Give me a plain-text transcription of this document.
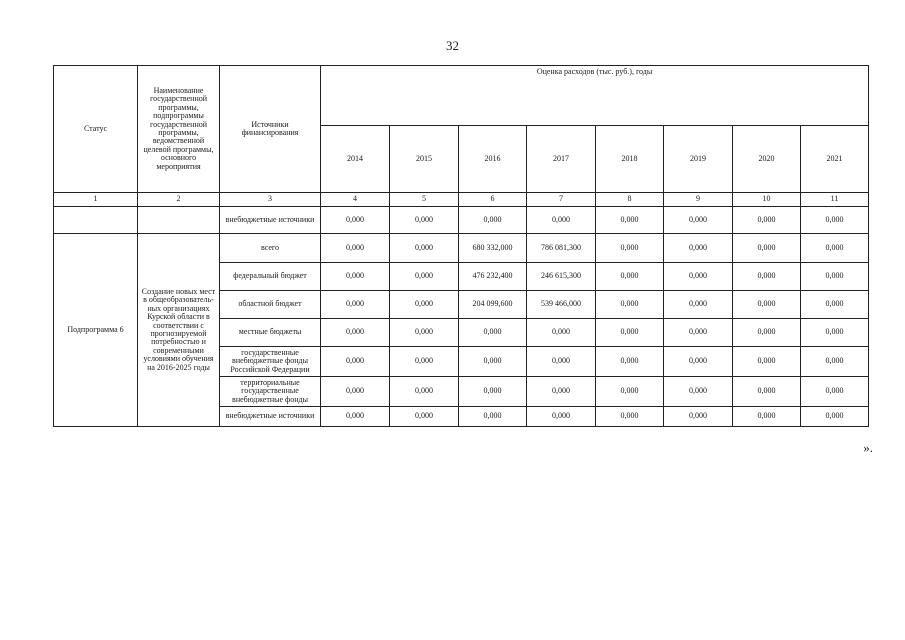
32
Статус	Наименование государственной программы, подпрограммы государственной программы, ведомственной целевой программы, основного мероприятия	Источники финансирования	Оценка расходов (тыс. руб.), годы							
			2014	2015	2016	2017	2018	2019	2020	2021
1	2	3	4	5	6	7	8	9	10	11
		внебюджетные источники	0,000	0,000	0,000	0,000	0,000	0,000	0,000	0,000
Подпрограмма 6	Создание новых мест в общеобразователь-ных организациях Курской области в соответствии с прогнозируемой потребностью и современными условиями обучения на 2016-2025 годы	всего	0,000	0,000	680 332,000	786 081,300	0,000	0,000	0,000	0,000
		федеральный бюджет	0,000	0,000	476 232,400	246 615,300	0,000	0,000	0,000	0,000
		областной бюджет	0,000	0,000	204 099,600	539 466,000	0,000	0,000	0,000	0,000
		местные бюджеты	0,000	0,000	0,000	0,000	0,000	0,000	0,000	0,000
		государственные внебюджетные фонды Российской Федерации	0,000	0,000	0,000	0,000	0,000	0,000	0,000	0,000
		территориальные государственные внебюджетные фонды	0,000	0,000	0,000	0,000	0,000	0,000	0,000	0,000
		внебюджетные источники	0,000	0,000	0,000	0,000	0,000	0,000	0,000	0,000
».
